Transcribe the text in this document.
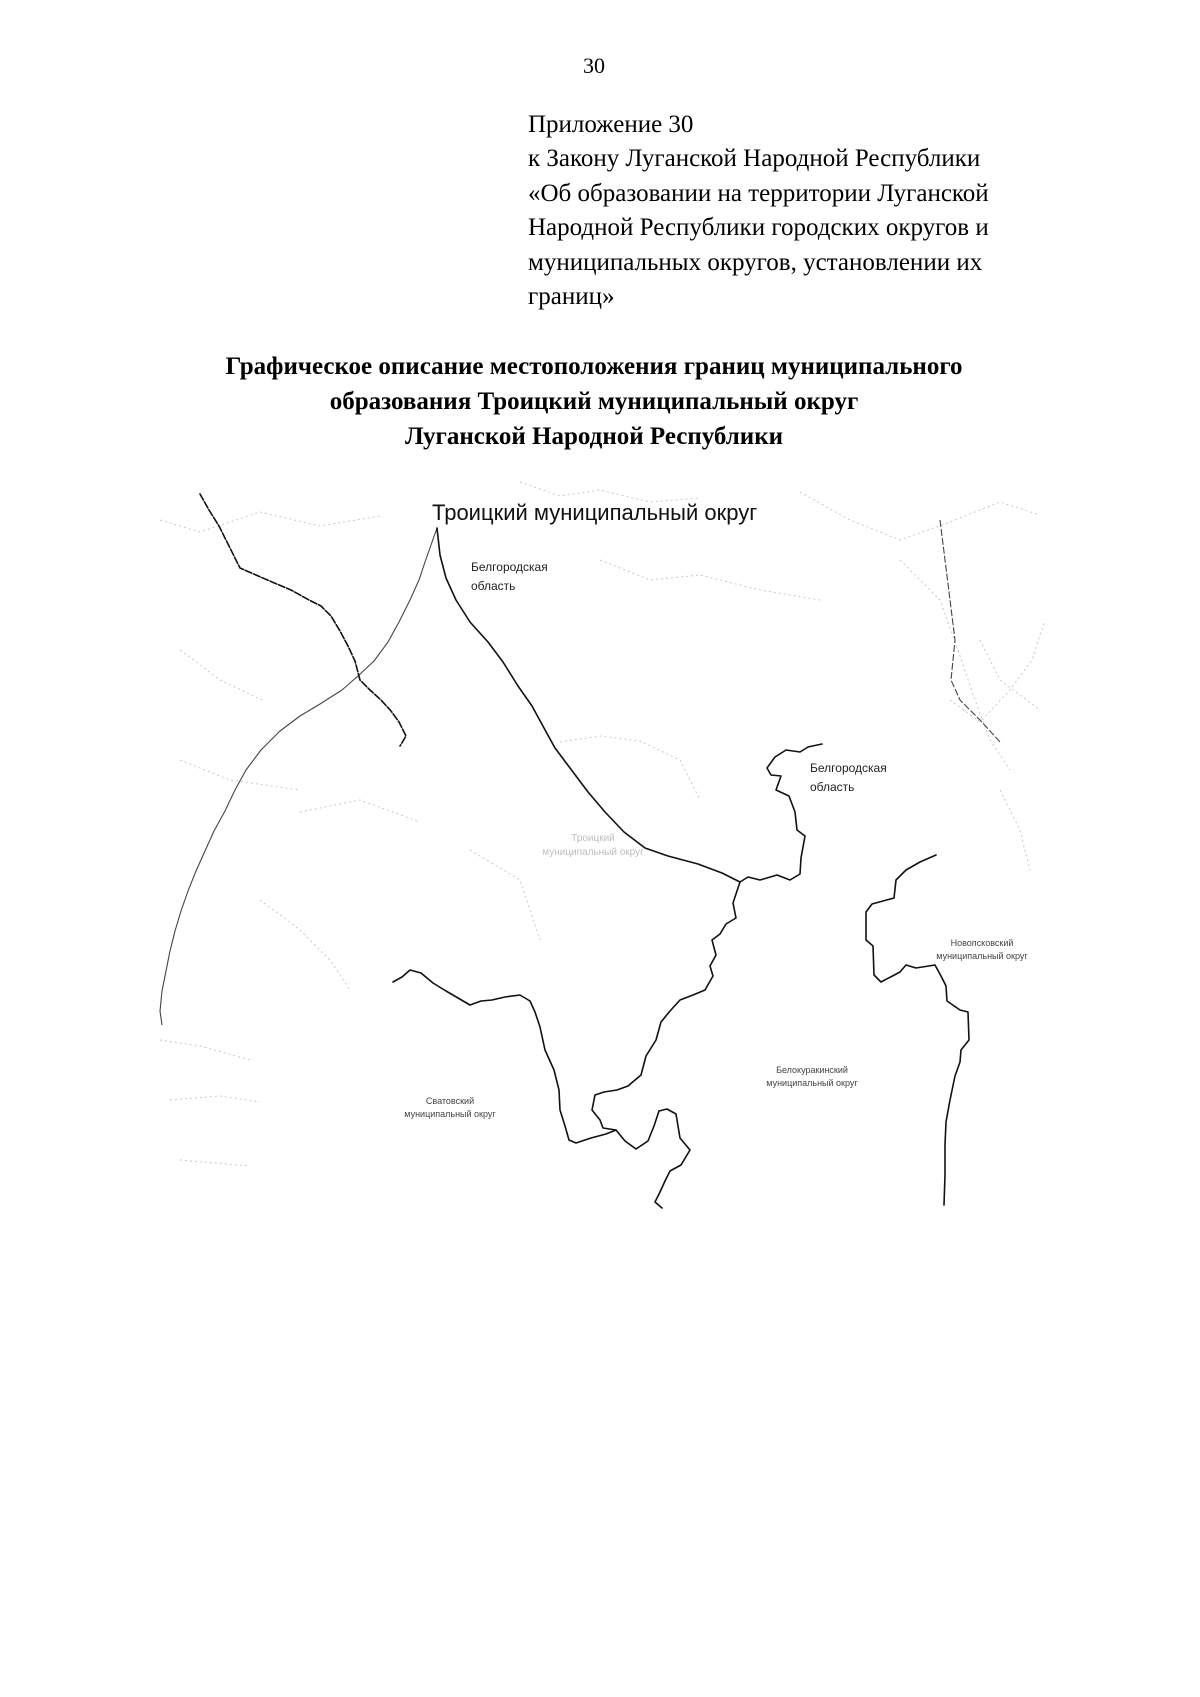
30
Приложение 30
к Закону Луганской Народной Республики
«Об образовании на территории Луганской
Народной Республики городских округов и
муниципальных округов, установлении их
границ»
Графическое описание местоположения границ муниципального
образования Троицкий муниципальный округ
Луганской Народной Республики
Троицкий муниципальный округ
Белгородская
область
Белгородская
область
Троицкий
муниципальный округ
Новопсковский
муниципальный округ
Белокуракинский
муниципальный округ
Сватовский
муниципальный округ
